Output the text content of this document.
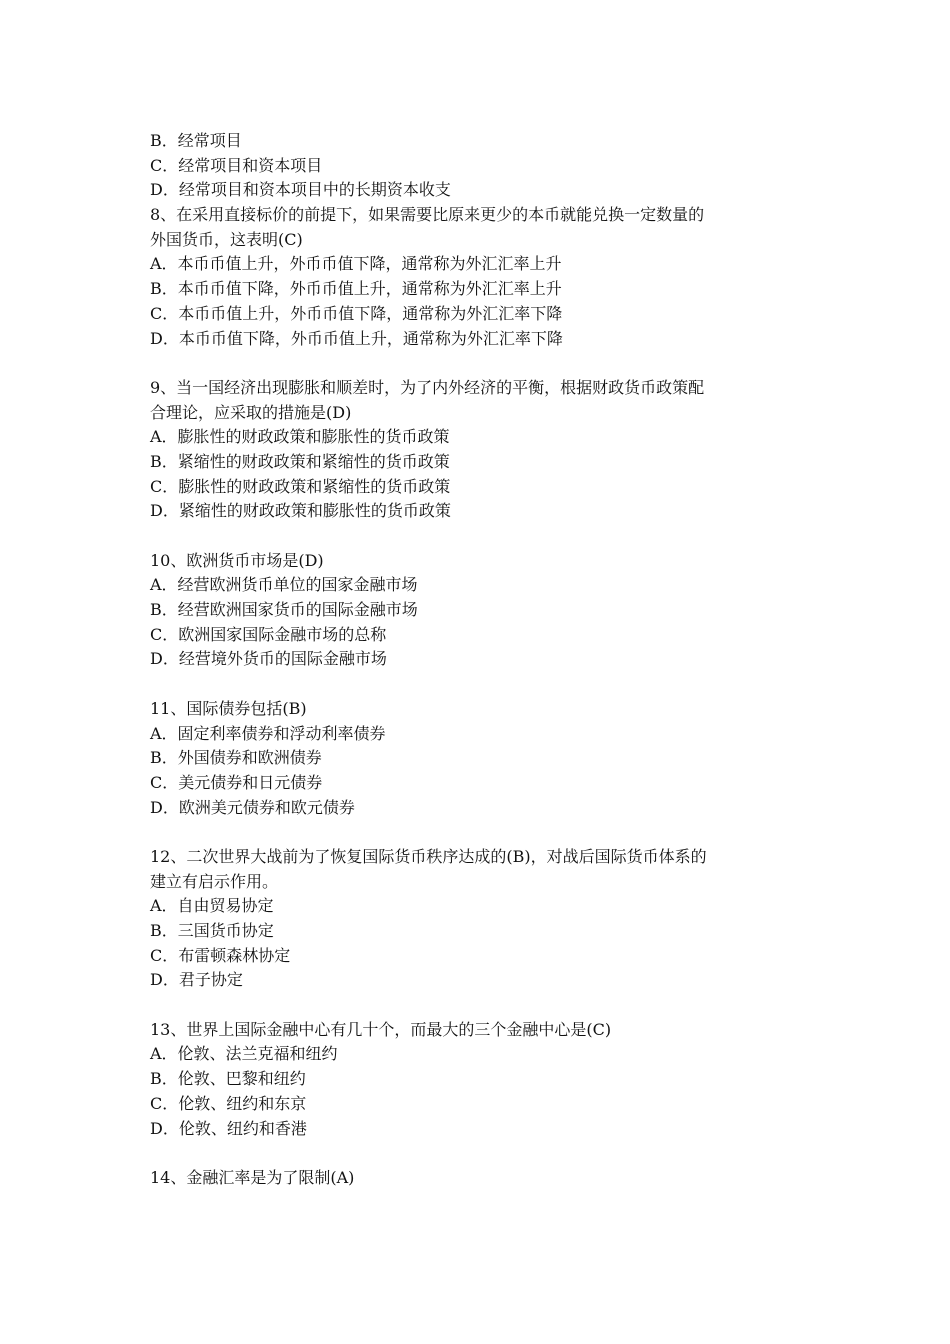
B．经常项目
C．经常项目和资本项目
D．经常项目和资本项目中的长期资本收支
8、在采用直接标价的前提下，如果需要比原来更少的本币就能兑换一定数量的
外国货币，这表明(C)
A．本币币值上升，外币币值下降，通常称为外汇汇率上升
B．本币币值下降，外币币值上升，通常称为外汇汇率上升
C．本币币值上升，外币币值下降，通常称为外汇汇率下降
D．本币币值下降，外币币值上升，通常称为外汇汇率下降
9、当一国经济出现膨胀和顺差时，为了内外经济的平衡，根据财政货币政策配
合理论，应采取的措施是(D)
A．膨胀性的财政政策和膨胀性的货币政策
B．紧缩性的财政政策和紧缩性的货币政策
C．膨胀性的财政政策和紧缩性的货币政策
D．紧缩性的财政政策和膨胀性的货币政策
10、欧洲货币市场是(D)
A．经营欧洲货币单位的国家金融市场
B．经营欧洲国家货币的国际金融市场
C．欧洲国家国际金融市场的总称
D．经营境外货币的国际金融市场
11、国际债券包括(B)
A．固定利率债券和浮动利率债券
B．外国债券和欧洲债券
C．美元债券和日元债券
D．欧洲美元债券和欧元债券
12、二次世界大战前为了恢复国际货币秩序达成的(B)，对战后国际货币体系的
建立有启示作用。
A．自由贸易协定
B．三国货币协定
C．布雷顿森林协定
D．君子协定
13、世界上国际金融中心有几十个，而最大的三个金融中心是(C)
A．伦敦、法兰克福和纽约
B．伦敦、巴黎和纽约
C．伦敦、纽约和东京
D．伦敦、纽约和香港
14、金融汇率是为了限制(A)
